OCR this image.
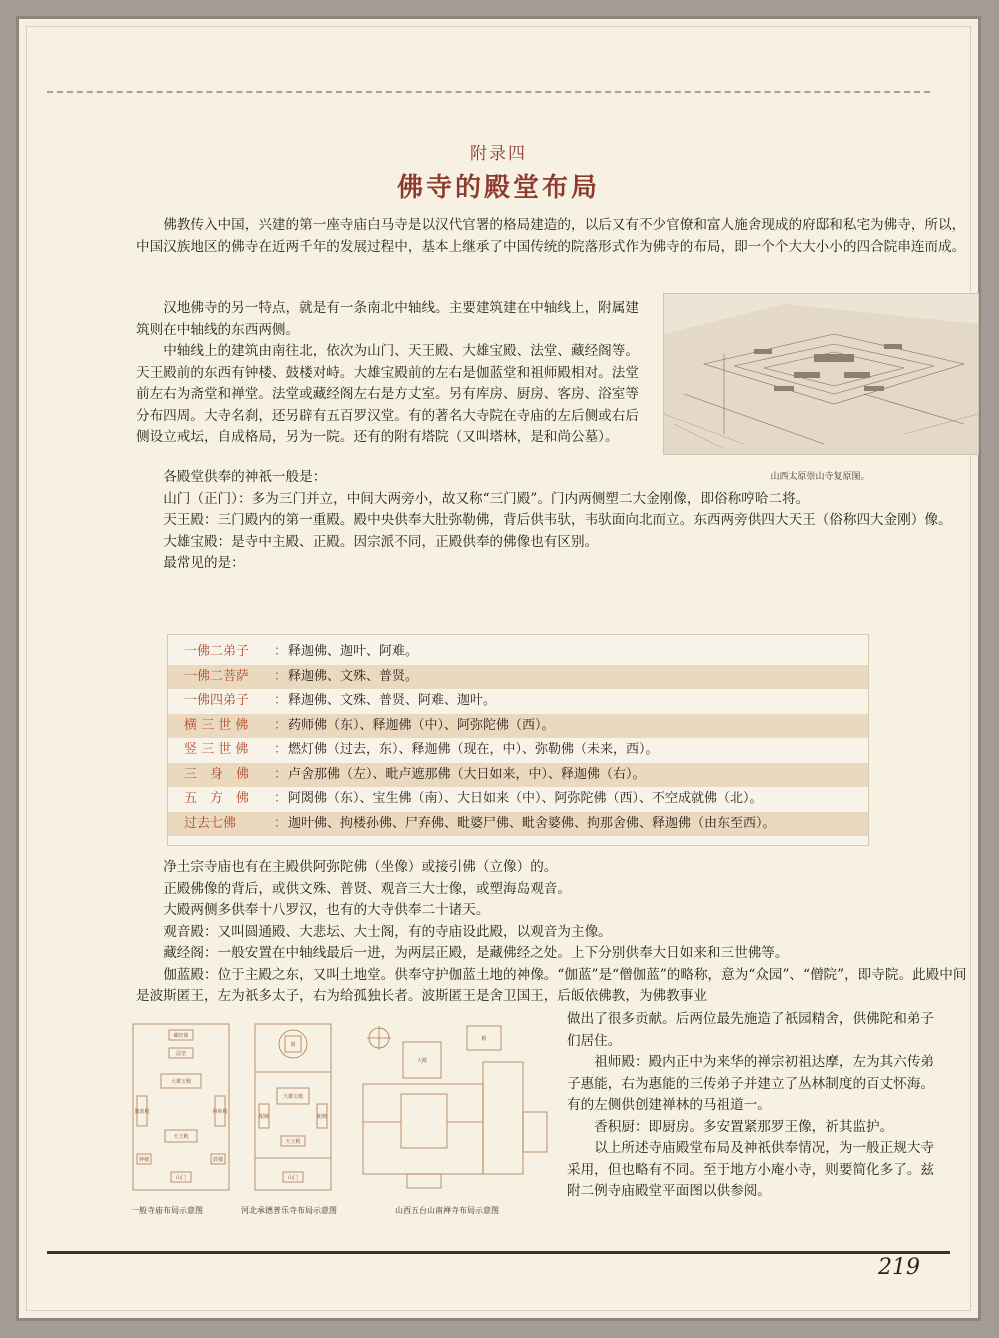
附录四
佛寺的殿堂布局

佛教传入中国，兴建的第一座寺庙白马寺是以汉代官署的格局建造的，以后又有不少官僚和富人施舍现成的府邸和私宅为佛寺，所以，中国汉族地区的佛寺在近两千年的发展过程中，基本上继承了中国传统的院落形式作为佛寺的布局，即一个个大大小小的四合院串连而成。

汉地佛寺的另一特点，就是有一条南北中轴线。主要建筑建在中轴线上，附属建筑则在中轴线的东西两侧。

中轴线上的建筑由南往北，依次为山门、天王殿、大雄宝殿、法堂、藏经阁等。天王殿前的东西有钟楼、鼓楼对峙。大雄宝殿前的左右是伽蓝堂和祖师殿相对。法堂前左右为斋堂和禅堂。法堂或藏经阁左右是方丈室。另有库房、厨房、客房、浴室等分布四周。大寺名刹，还另辟有五百罗汉堂。有的著名大寺院在寺庙的左后侧或右后侧设立戒坛，自成格局，另为一院。还有的附有塔院（又叫塔林，是和尚公墓）。

山西太原崇山寺复原图。

各殿堂供奉的神祇一般是：

山门（正门）：多为三门并立，中间大两旁小，故又称“三门殿”。门内两侧塑二大金刚像，即俗称哼哈二将。

天王殿：三门殿内的第一重殿。殿中央供奉大肚弥勒佛，背后供韦驮，韦驮面向北而立。东西两旁供四大天王（俗称四大金刚）像。

大雄宝殿：是寺中主殿、正殿。因宗派不同，正殿供奉的佛像也有区别。

最常见的是：

一佛二弟子 ：释迦佛、迦叶、阿难。
一佛二菩萨 ：释迦佛、文殊、普贤。
一佛四弟子 ：释迦佛、文殊、普贤、阿难、迦叶。
横 三 世 佛 ：药师佛（东）、释迦佛（中）、阿弥陀佛（西）。
竖 三 世 佛 ：燃灯佛（过去，东）、释迦佛（现在，中）、弥勒佛（未来，西）。
三　身　佛 ：卢舍那佛（左）、毗卢遮那佛（大日如来，中）、释迦佛（右）。
五　方　佛 ：阿閦佛（东）、宝生佛（南）、大日如来（中）、阿弥陀佛（西）、不空成就佛（北）。
过去七佛	：迦叶佛、拘楼孙佛、尸弃佛、毗婆尸佛、毗舍婆佛、拘那舍佛、释迦佛（由东至西）。

净土宗寺庙也有在主殿供阿弥陀佛（坐像）或接引佛（立像）的。

正殿佛像的背后，或供文殊、普贤、观音三大士像，或塑海岛观音。

大殿两侧多供奉十八罗汉，也有的大寺供奉二十诸天。

观音殿：又叫圆通殿、大悲坛、大士阁，有的寺庙设此殿，以观音为主像。

藏经阁：一般安置在中轴线最后一进，为两层正殿，是藏佛经之处。上下分别供奉大日如来和三世佛等。

伽蓝殿：位于主殿之东，又叫土地堂。供奉守护伽蓝土地的神像。“伽蓝”是“僧伽蓝”的略称，意为“众园”、“僧院”，即寺院。此殿中间是波斯匿王，左为祇多太子，右为给孤独长者。波斯匿王是舍卫国王，后皈依佛教，为佛教事业

做出了很多贡献。后两位最先施造了祇园精舍，供佛陀和弟子们居住。

祖师殿：殿内正中为来华的禅宗初祖达摩，左为其六传弟子惠能，右为惠能的三传弟子并建立了丛林制度的百丈怀海。有的左侧供创建禅林的马祖道一。

香积厨：即厨房。多安置紧那罗王像，祈其监护。

以上所述寺庙殿堂布局及神祇供奉情况，为一般正规大寺采用，但也略有不同。至于地方小庵小寺，则要简化多了。兹附二例寺庙殿堂平面图以供参阅。

藏经阁
法堂
大雄宝殿
伽蓝殿	祖师殿
天王殿
钟楼	鼓楼
山门
一般寺庙布局示意图
阁
大雄宝殿
配殿	配殿
天王殿
山门
河北承德普乐寺布局示意图
大殿
殿
山西五台山南禅寺布局示意图
219
